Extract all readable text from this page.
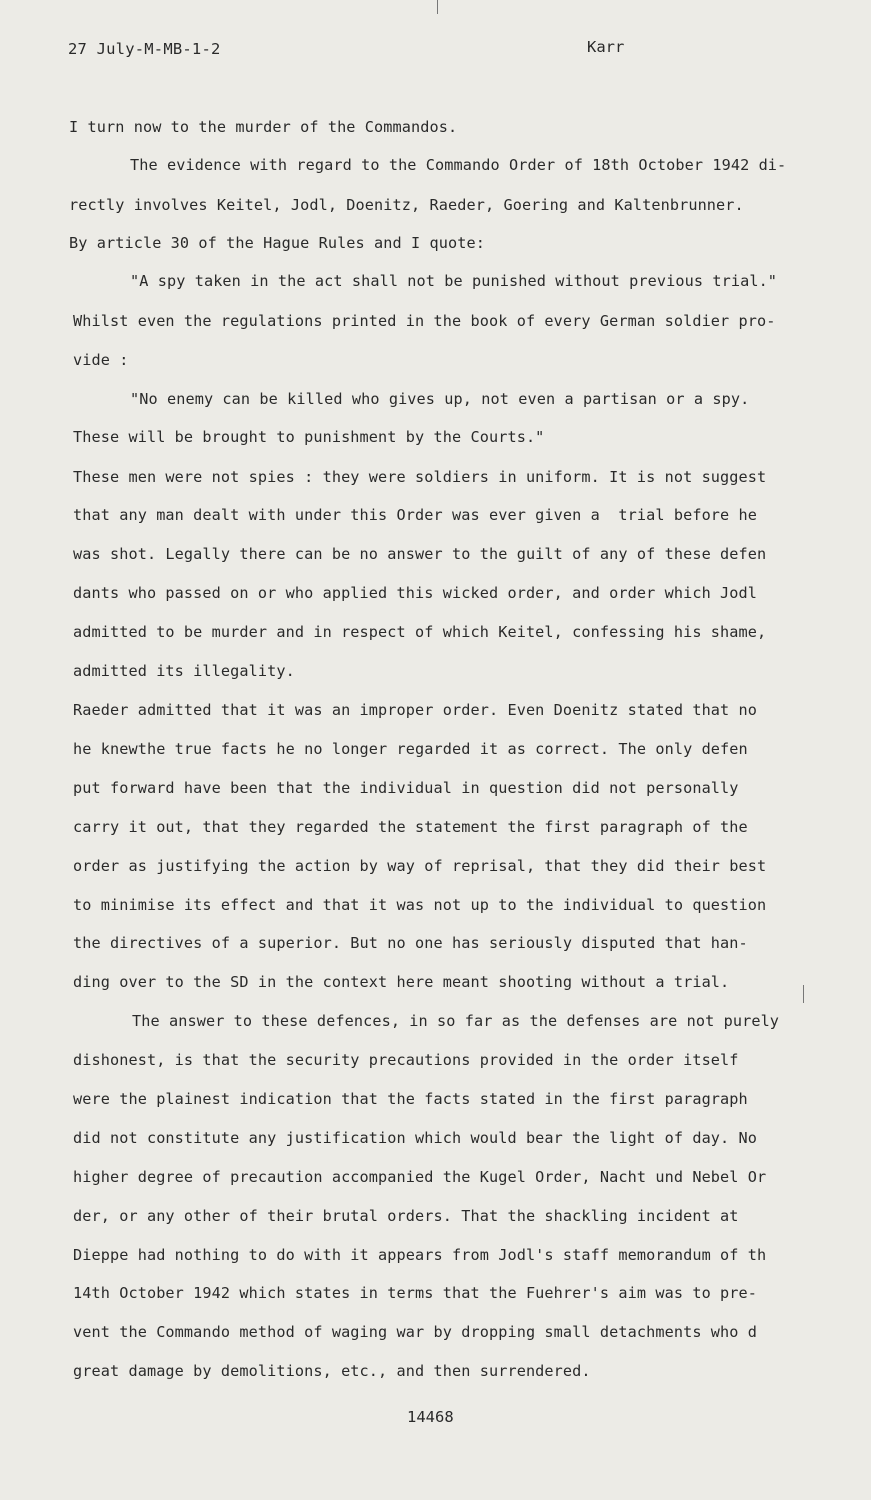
27 July-M-MB-1-2	Karr
I turn now to the murder of the Commandos.
The evidence with regard to the Commando Order of 18th October 1942 di-
rectly involves Keitel, Jodl, Doenitz, Raeder, Goering and Kaltenbrunner.
By article 30 of the Hague Rules and I quote:
"A spy taken in the act shall not be punished without previous trial."
Whilst even the regulations printed in the book of every German soldier pro-
vide :
"No enemy can be killed who gives up, not even a partisan or a spy.
These will be brought to punishment by the Courts."
These men were not spies : they were soldiers in uniform. It is not suggest
that any man dealt with under this Order was ever given a  trial before he
was shot. Legally there can be no answer to the guilt of any of these defen
dants who passed on or who applied this wicked order, and order which Jodl
admitted to be murder and in respect of which Keitel, confessing his shame,
admitted its illegality.
Raeder admitted that it was an improper order. Even Doenitz stated that no
he knewthe true facts he no longer regarded it as correct. The only defen
put forward have been that the individual in question did not personally
carry it out, that they regarded the statement the first paragraph of the
order as justifying the action by way of reprisal, that they did their best
to minimise its effect and that it was not up to the individual to question
the directives of a superior. But no one has seriously disputed that han-
ding over to the SD in the context here meant shooting without a trial.
The answer to these defences, in so far as the defenses are not purely
dishonest, is that the security precautions provided in the order itself
were the plainest indication that the facts stated in the first paragraph
did not constitute any justification which would bear the light of day. No
higher degree of precaution accompanied the Kugel Order, Nacht und Nebel Or
der, or any other of their brutal orders. That the shackling incident at
Dieppe had nothing to do with it appears from Jodl's staff memorandum of th
14th October 1942 which states in terms that the Fuehrer's aim was to pre-
vent the Commando method of waging war by dropping small detachments who d
great damage by demolitions, etc., and then surrendered.
14468
